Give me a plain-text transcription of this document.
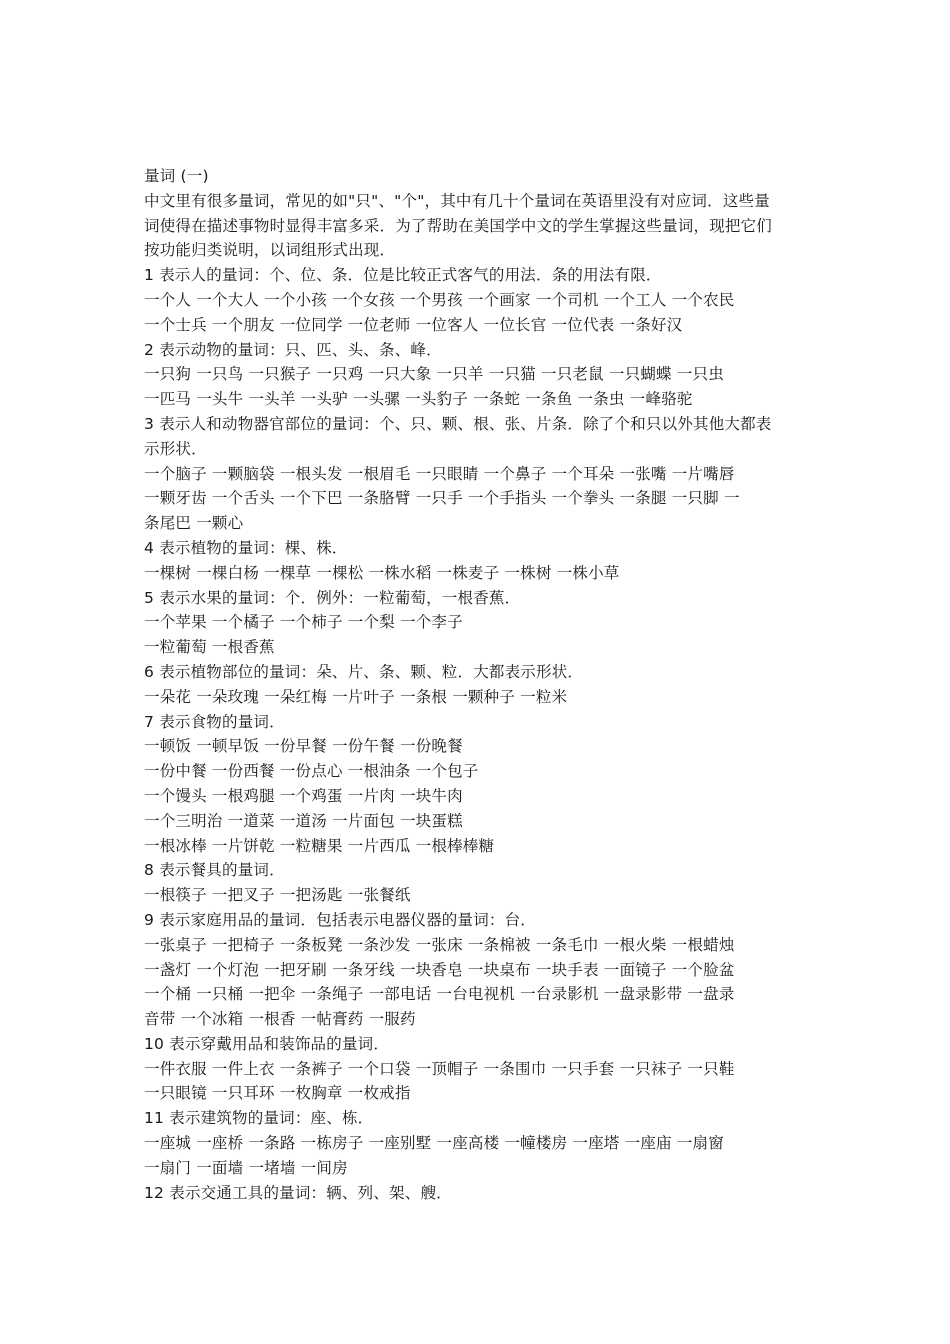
量词 (一)
中文里有很多量词，常见的如"只"、"个"，其中有几十个量词在英语里没有对应词．这些量
词使得在描述事物时显得丰富多采．为了帮助在美国学中文的学生掌握这些量词，现把它们
按功能归类说明，以词组形式出现．
1 表示人的量词：个、位、条．位是比较正式客气的用法．条的用法有限．
一个人 一个大人 一个小孩 一个女孩 一个男孩 一个画家 一个司机 一个工人 一个农民
一个士兵 一个朋友 一位同学 一位老师 一位客人 一位长官 一位代表 一条好汉
2 表示动物的量词：只、匹、头、条、峰．
一只狗 一只鸟 一只猴子 一只鸡 一只大象 一只羊 一只猫 一只老鼠 一只蝴蝶 一只虫
一匹马 一头牛 一头羊 一头驴 一头骡 一头豹子 一条蛇 一条鱼 一条虫 一峰骆驼
3 表示人和动物器官部位的量词：个、只、颗、根、张、片条．除了个和只以外其他大都表
示形状．
一个脑子 一颗脑袋 一根头发 一根眉毛 一只眼睛 一个鼻子 一个耳朵 一张嘴 一片嘴唇
一颗牙齿 一个舌头 一个下巴 一条胳臂 一只手 一个手指头 一个拳头 一条腿 一只脚 一
条尾巴 一颗心
4 表示植物的量词：棵、株．
一棵树 一棵白杨 一棵草 一棵松 一株水稻 一株麦子 一株树 一株小草
5 表示水果的量词：个．例外：一粒葡萄，一根香蕉．
一个苹果 一个橘子 一个柿子 一个梨 一个李子
一粒葡萄 一根香蕉
6 表示植物部位的量词：朵、片、条、颗、粒．大都表示形状．
一朵花 一朵玫瑰 一朵红梅 一片叶子 一条根 一颗种子 一粒米
7 表示食物的量词．
一顿饭 一顿早饭 一份早餐 一份午餐 一份晚餐
一份中餐 一份西餐 一份点心 一根油条 一个包子
一个馒头 一根鸡腿 一个鸡蛋 一片肉 一块牛肉
一个三明治 一道菜 一道汤 一片面包 一块蛋糕
一根冰棒 一片饼乾 一粒糖果 一片西瓜 一根棒棒糖
8 表示餐具的量词．
一根筷子 一把叉子 一把汤匙 一张餐纸
9 表示家庭用品的量词．包括表示电器仪器的量词：台．
一张桌子 一把椅子 一条板凳 一条沙发 一张床 一条棉被 一条毛巾 一根火柴 一根蜡烛
一盏灯 一个灯泡 一把牙刷 一条牙线 一块香皂 一块桌布 一块手表 一面镜子 一个脸盆
一个桶 一只桶 一把伞 一条绳子 一部电话 一台电视机 一台录影机 一盘录影带 一盘录
音带 一个冰箱 一根香 一帖膏药 一服药
10 表示穿戴用品和装饰品的量词．
一件衣服 一件上衣 一条裤子 一个口袋 一顶帽子 一条围巾 一只手套 一只袜子 一只鞋
一只眼镜 一只耳环 一枚胸章 一枚戒指
11 表示建筑物的量词：座、栋．
一座城 一座桥 一条路 一栋房子 一座别墅 一座高楼 一幢楼房 一座塔 一座庙 一扇窗
一扇门 一面墙 一堵墙 一间房
12 表示交通工具的量词：辆、列、架、艘．
